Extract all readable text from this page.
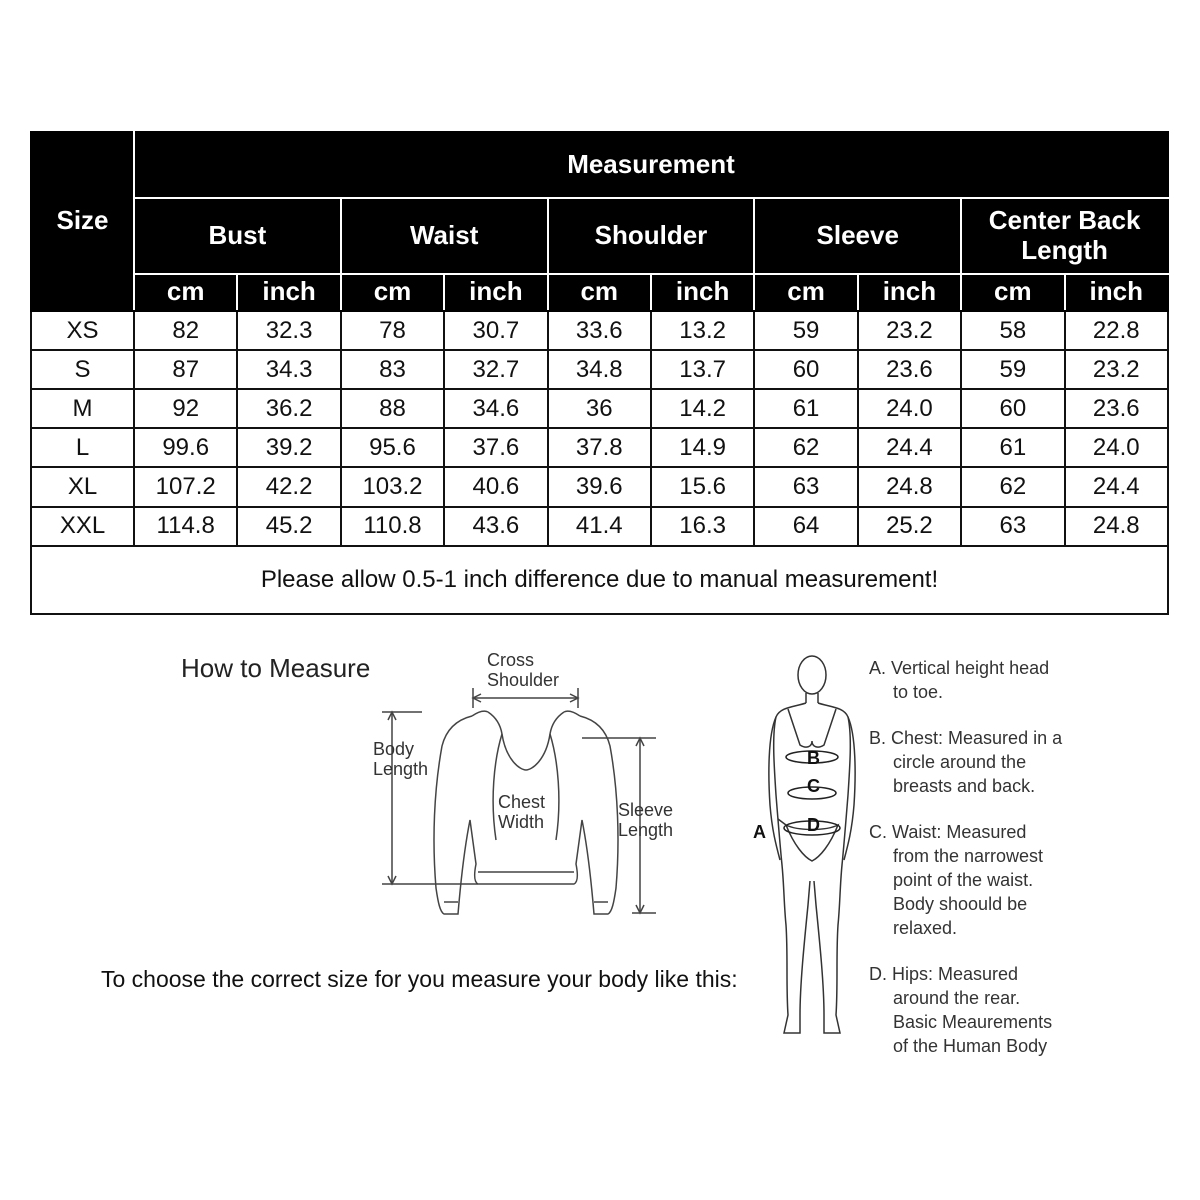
Size	Measurement									
	Bust		Waist		Shoulder		Sleeve		Center Back Length	
	cm	inch	cm	inch	cm	inch	cm	inch	cm	inch
XS	82	32.3	78	30.7	33.6	13.2	59	23.2	58	22.8
S	87	34.3	83	32.7	34.8	13.7	60	23.6	59	23.2
M	92	36.2	88	34.6	36	14.2	61	24.0	60	23.6
L	99.6	39.2	95.6	37.6	37.8	14.9	62	24.4	61	24.0
XL	107.2	42.2	103.2	40.6	39.6	15.6	63	24.8	62	24.4
XXL	114.8	45.2	110.8	43.6	41.4	16.3	64	25.2	63	24.8
Please allow 0.5-1 inch difference due to manual measurement!										
How to Measure	Cross
Shoulder
Body
Length
Chest
Width
Sleeve
Length
To choose the correct size for you measure your body like this:
A
B
C
D
A. Vertical height head
to toe.
B. Chest: Measured in a
circle around the
breasts and back.
C. Waist: Measured
from the narrowest
point of the waist.
Body shoould be
relaxed.
D. Hips: Measured
around the rear.
Basic Meaurements
of the Human Body
